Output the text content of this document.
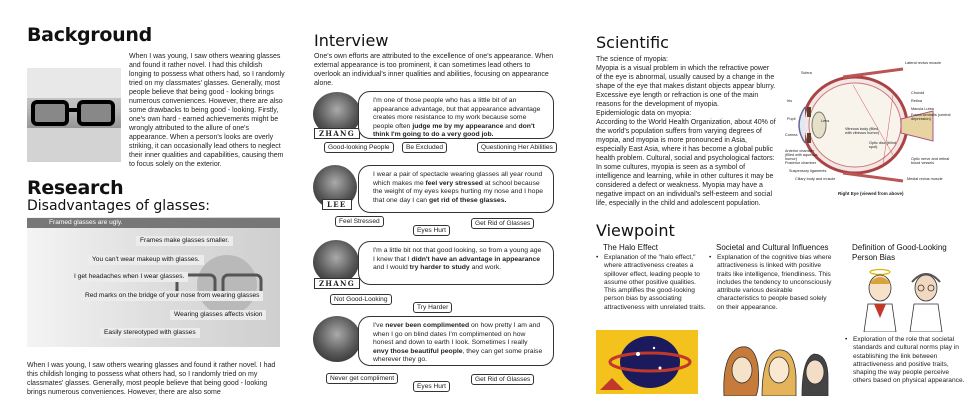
Background
When I was young, I saw others wearing glasses and found it rather novel. I had this childish longing to possess what others had, so I randomly tried on my classmates' glasses. Generally, most people believe that being good - looking brings numerous conveniences. However, there are also some drawbacks to being good - looking. Firstly, one's own hard - earned achievements might be wrongly attributed to the allure of one's appearance. When a person's looks are overly striking, it can occasionally lead others to neglect their inner qualities and capabilities, causing them to focus solely on the exterior.
Research
Disadvantages of glasses:
Framed glasses are ugly.
Frames make glasses smaller.
You can't wear makeup with glasses.
I get headaches when I wear glasses.
Red marks on the bridge of your nose from wearing glasses
Wearing glasses affects vision
Easily stereotyped with glasses
When I was young, I saw others wearing glasses and found it rather novel. I had this childish longing to possess what others had, so I randomly tried on my classmates' glasses. Generally, most people believe that being good - looking brings numerous conveniences. However, there are also some
Interview
One's own efforts are attributed to the excellence of one's appearance. When external appearance is too prominent, it can sometimes lead others to overlook an individual's inner qualities and abilities, focusing on appearance alone.
ZHANG
I'm one of those people who has a little bit of an appearance advantage, but that appearance advantage creates more resistance to my work because some people often judge me by my appearance and don't think I'm going to do a very good job.
Good-looking People	Be Excluded	Questioning Her Abilities
LEE
I wear a pair of spectacle wearing glasses all year round which makes me feel very stressed at school because the weight of my eyes keeps hurting my nose and I hope that one day I can get rid of these glasses.
Feel Stressed	Get Rid of Glasses
Eyes Hurt
ZHANG
I'm a little bit not that good looking, so from a young age I knew that I didn't have an advantage in appearance and I would try harder to study and work.
Not Good-Looking
Try Harder
I've never been complimented on how pretty I am and when I go on blind dates I'm complimented on how honest and down to earth I look. Sometimes I really envy those beautiful people, they can get some praise wherever they go.
Never get compliment	Get Rid of Glasses
Eyes Hurt
Scientific
The science of myopia:
Myopia is a visual problem in which the refractive power of the eye is abnormal, usually caused by a change in the shape of the eye that makes distant objects appear blurry. Excessive eye length or refraction is one of the main reasons for the development of myopia.
Epidemiologic data on myopia:
According to the World Health Organization, about 40% of the world's population suffers from varying degrees of myopia, and myopia is more pronounced in Asia, especially East Asia, where it has become a global public health problem. Cultural, social and psychological factors:
In some cultures, myopia is seen as a symbol of intelligence and learning, while in other cultures it may be considered a defect or weakness. Myopia may have a negative impact on an individual's self-esteem and social life, especially in the child and adolescent population.
Right Eye (viewed from above)
Sclera
Choroid
Retina
Lateral rectus muscle
Macula Lutea
Fovea centralis (central depression)
Iris
Lens
Pupil
Cornea
Vitreous body (filled with vitreous humor)
Anterior chamber (filled with aqueous humor)
Posterior chamber
Suspensory ligaments
Ciliary body and muscle
Optic disc (blind spot)
Optic nerve and retinal blood vessels
Medial rectus muscle
Viewpoint
The Halo Effect
• Explanation of the "halo effect," where attractiveness creates a spillover effect, leading people to assume other positive qualities. This amplifies the good-looking person bias by associating attractiveness with unrelated traits.
Societal and Cultural Influences
• Explanation of the cognitive bias where attractiveness is linked with positive traits like intelligence, friendliness. This includes the tendency to unconsciously attribute various desirable characteristics to people based solely on their appearance.
Definition of Good-Looking Person Bias
• Exploration of the role that societal standards and cultural norms play in establishing the link between attractiveness and positive traits, shaping the way people perceive others based on physical appearance.
